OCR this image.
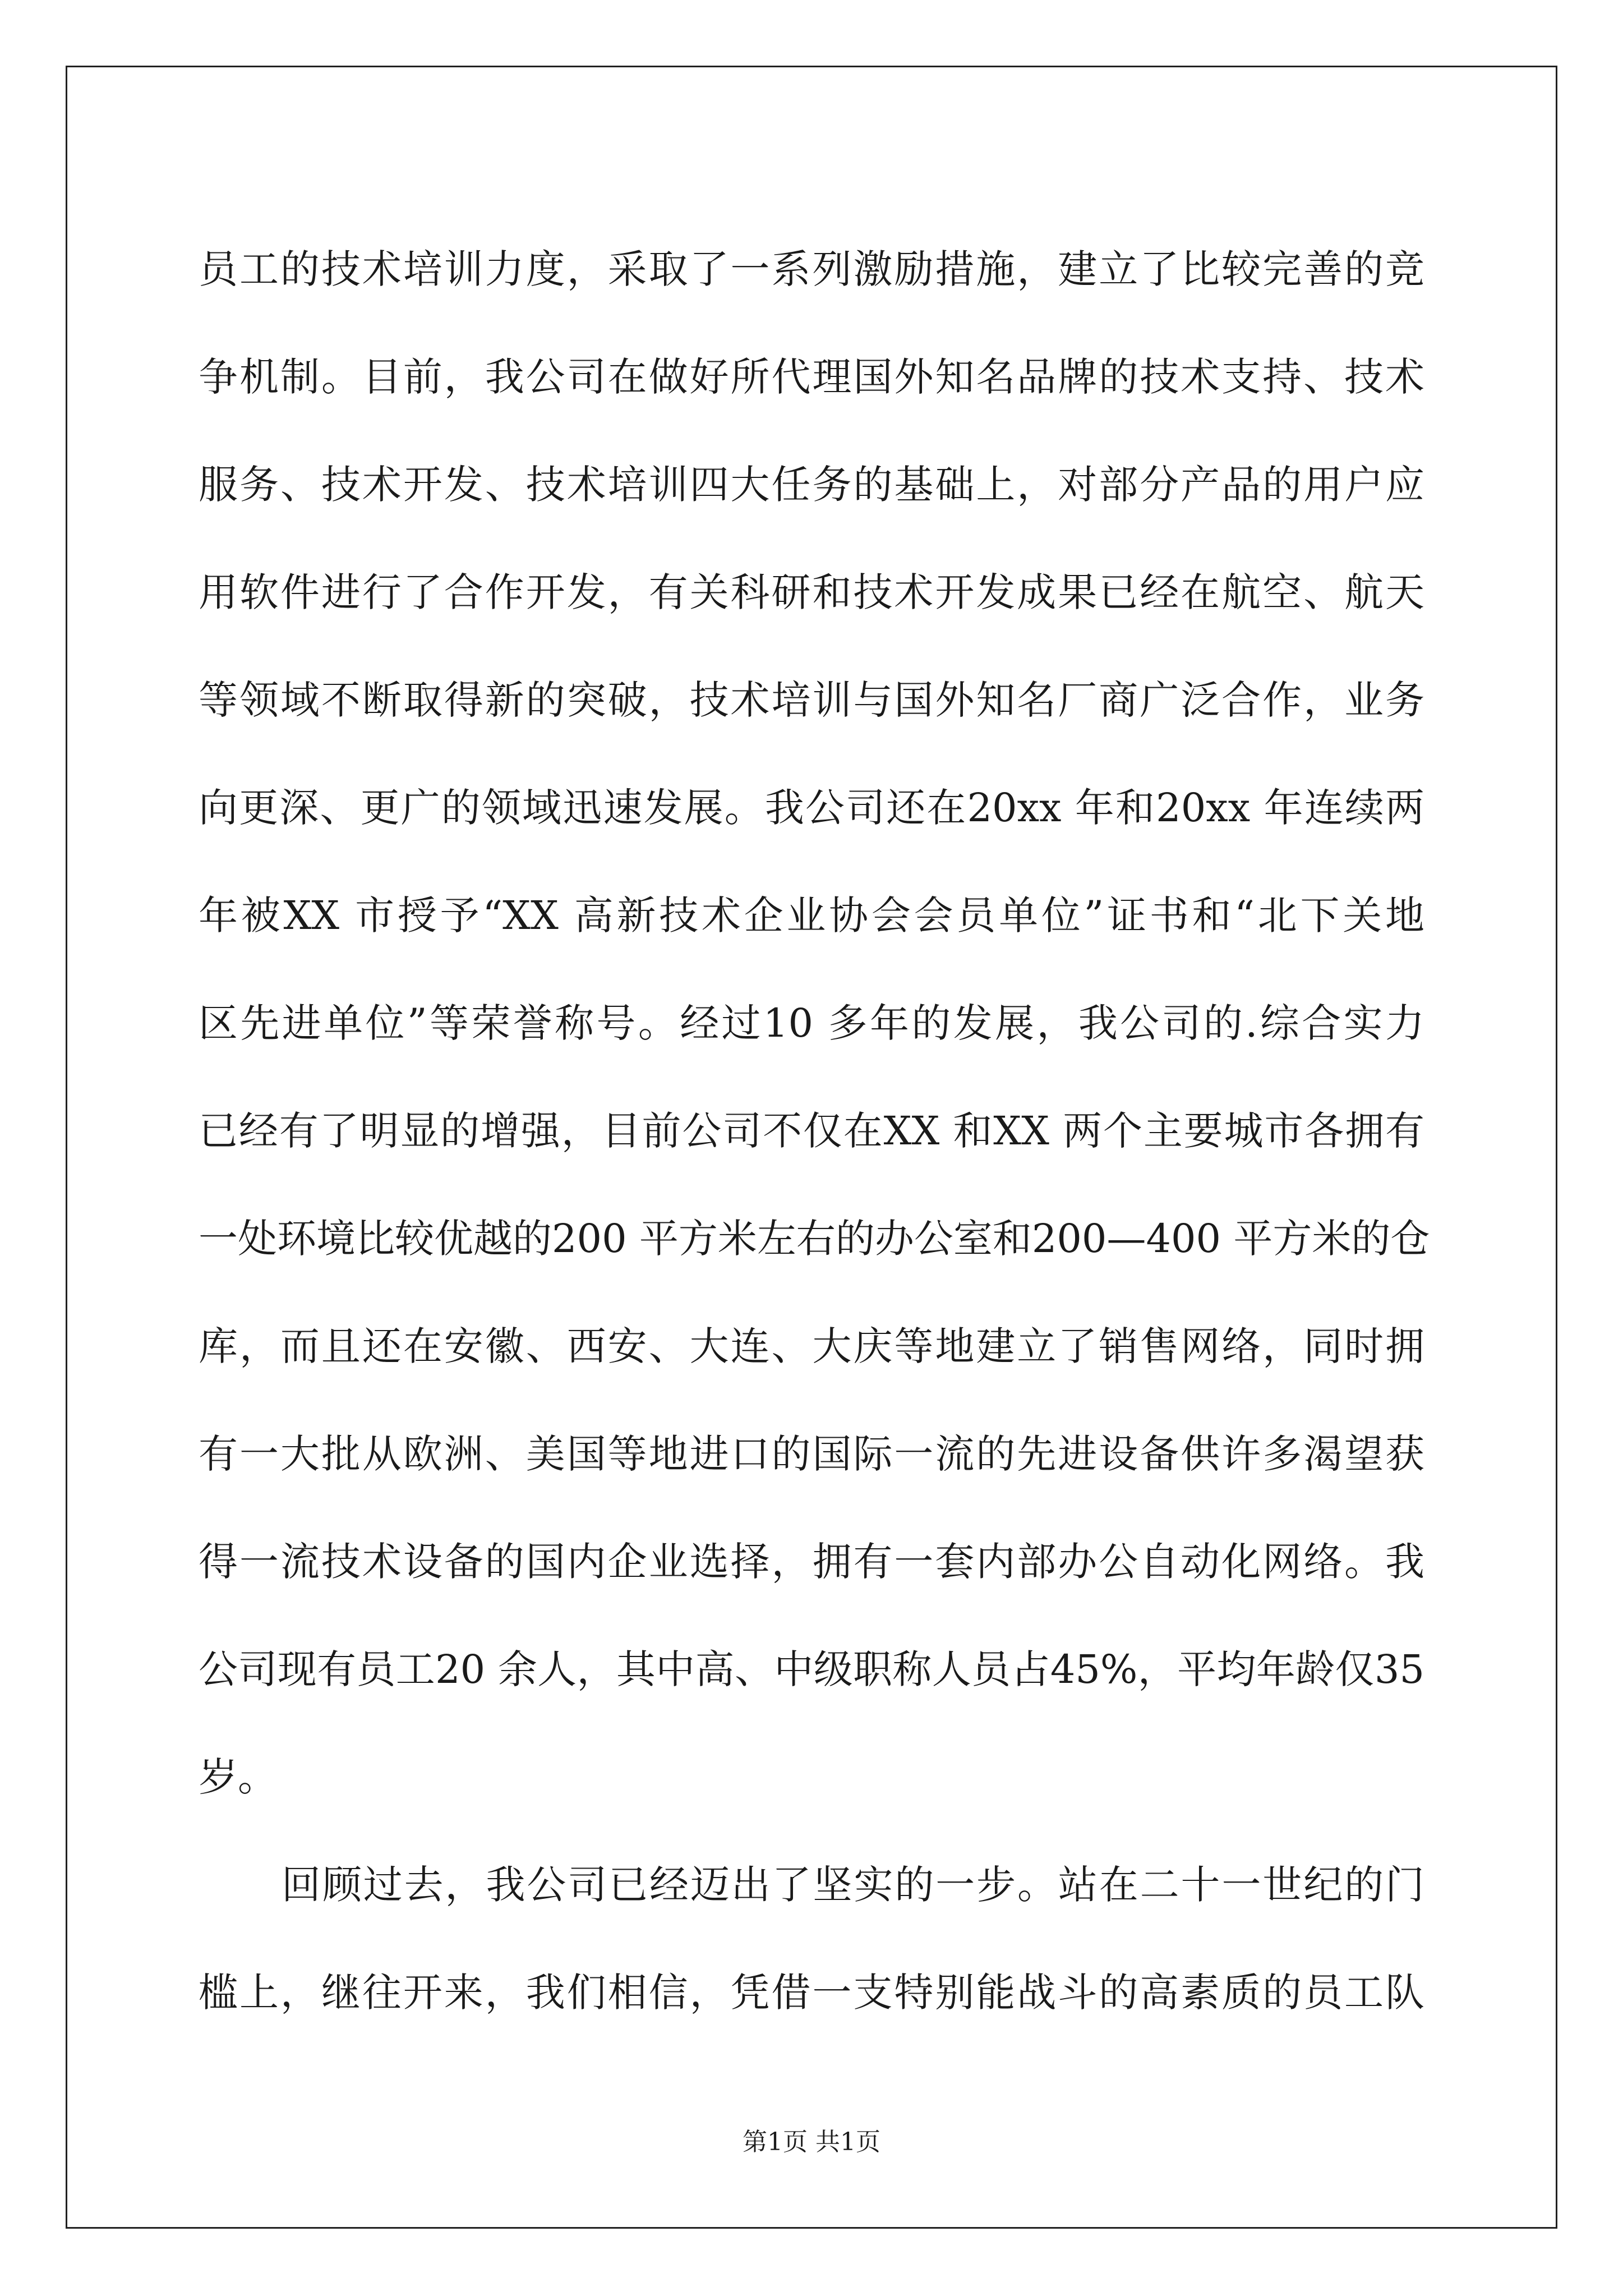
员工的技术培训力度，采取了一系列激励措施，建立了比较完善的竞
争机制。目前，我公司在做好所代理国外知名品牌的技术支持、技术
服务、技术开发、技术培训四大任务的基础上，对部分产品的用户应
用软件进行了合作开发，有关科研和技术开发成果已经在航空、航天
等领域不断取得新的突破，技术培训与国外知名厂商广泛合作，业务
向更深、更广的领域迅速发展。我公司还在20xx 年和20xx 年连续两
年被XX 市授予“XX 高新技术企业协会会员单位”证书和“北下关地
区先进单位”等荣誉称号。经过10 多年的发展，我公司的.综合实力
已经有了明显的增强，目前公司不仅在XX 和XX 两个主要城市各拥有
一处环境比较优越的200 平方米左右的办公室和200—400 平方米的仓
库，而且还在安徽、西安、大连、大庆等地建立了销售网络，同时拥
有一大批从欧洲、美国等地进口的国际一流的先进设备供许多渴望获
得一流技术设备的国内企业选择，拥有一套内部办公自动化网络。我
公司现有员工20 余人，其中高、中级职称人员占45%，平均年龄仅35
岁。
回顾过去，我公司已经迈出了坚实的一步。站在二十一世纪的门
槛上，继往开来，我们相信，凭借一支特别能战斗的高素质的员工队
第1页 共1页
